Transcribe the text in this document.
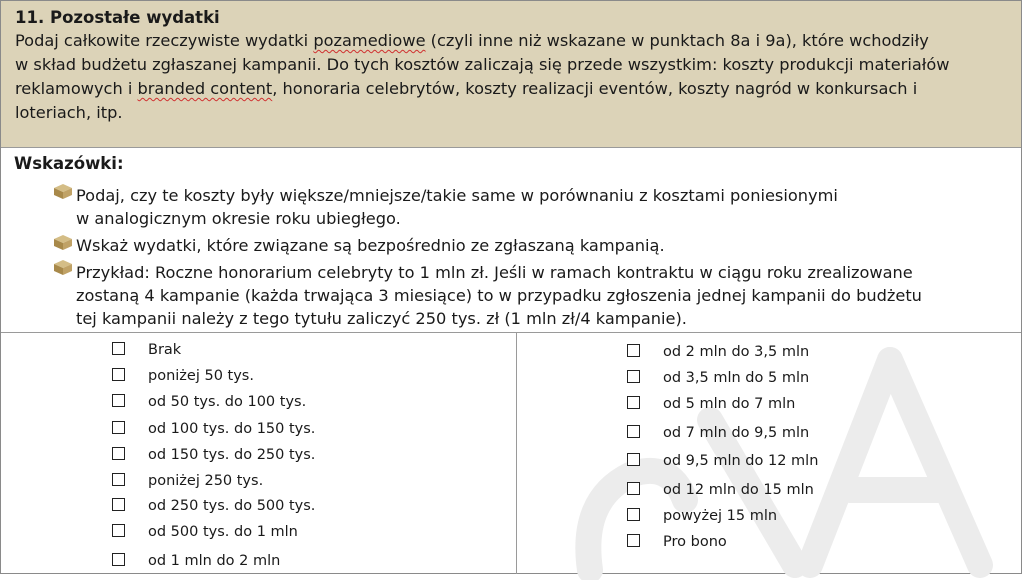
11. Pozostałe wydatki

Podaj całkowite rzeczywiste wydatki pozamediowe (czyli inne niż wskazane w punktach 8a i 9a), które wchodziły
w skład budżetu zgłaszanej kampanii. Do tych kosztów zaliczają się przede wszystkim: koszty produkcji materiałów
reklamowych i branded content, honoraria celebrytów, koszty realizacji eventów, koszty nagród w konkursach i
loteriach, itp.

Wskazówki:

Podaj, czy te koszty były większe/mniejsze/takie same w porównaniu z kosztami poniesionymi
w analogicznym okresie roku ubiegłego.
Wskaż wydatki, które związane są bezpośrednio ze zgłaszaną kampanią.
Przykład: Roczne honorarium celebryty to 1 mln zł. Jeśli w ramach kontraktu w ciągu roku zrealizowane
zostaną 4 kampanie (każda trwająca 3 miesiące) to w przypadku zgłoszenia jednej kampanii do budżetu
tej kampanii należy z tego tytułu zaliczyć 250 tys. zł (1 mln zł/4 kampanie).
Brak
poniżej 50 tys.
od 50 tys. do 100 tys.
od 100 tys. do 150 tys.
od 150 tys. do 250 tys.
poniżej 250 tys.
od 250 tys. do 500 tys.
od 500 tys. do 1 mln
od 1 mln do 2 mln
od 2 mln do 3,5 mln
od 3,5 mln do 5 mln
od 5 mln do 7 mln
od 7 mln do 9,5 mln
od 9,5 mln do 12 mln
od 12 mln do 15 mln
powyżej 15 mln
Pro bono
